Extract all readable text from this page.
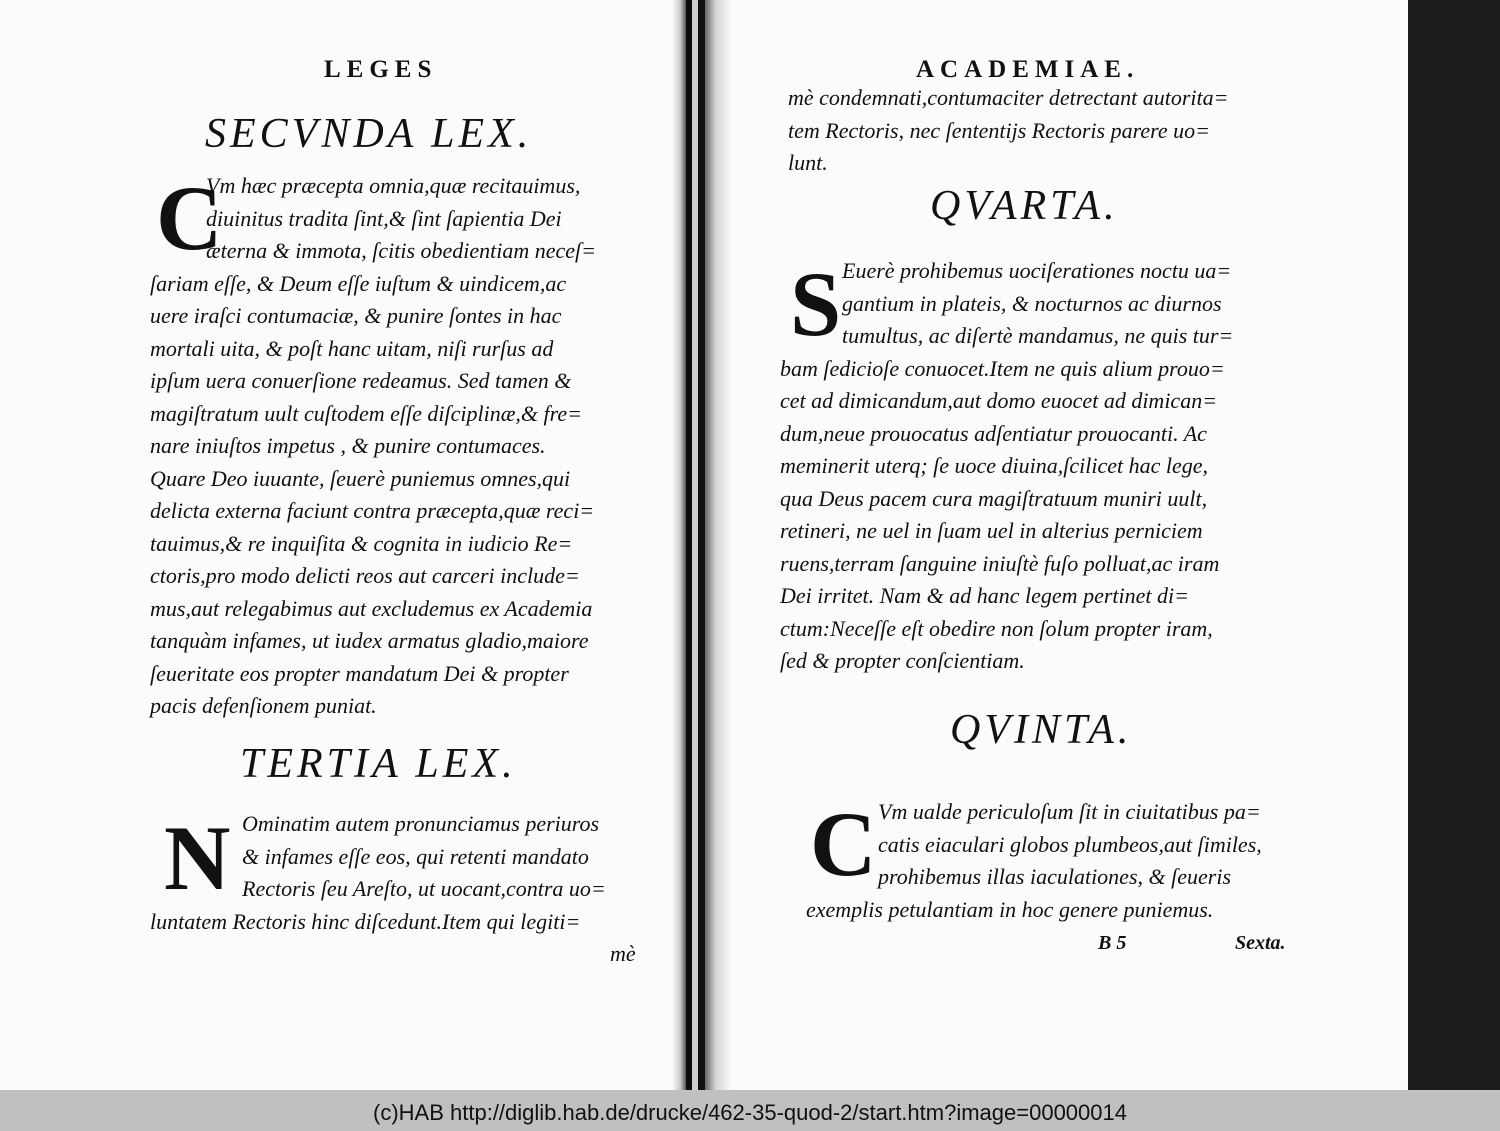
LEGES
SECVNDA LEX.
C

Vm hæc præcepta omnia,quæ recitauimus,

diuinitus tradita ſint,& ſint ſapientia Dei

æterna & immota, ſcitis obedientiam neceſ=

ſariam eſſe, & Deum eſſe iuſtum & uindicem,ac

uere iraſci contumaciæ, & punire ſontes in hac

mortali uita, & poſt hanc uitam, niſi rurſus ad

ipſum uera conuerſione redeamus. Sed tamen &

magiſtratum uult cuſtodem eſſe diſciplinæ,& fre=

nare iniuſtos impetus , & punire contumaces.

Quare Deo iuuante, ſeuerè puniemus omnes,qui

delicta externa faciunt contra præcepta,quæ reci=

tauimus,& re inquiſita & cognita in iudicio Re=

ctoris,pro modo delicti reos aut carceri include=

mus,aut relegabimus aut excludemus ex Academia

tanquàm infames, ut iudex armatus gladio,maiore

ſeueritate eos propter mandatum Dei & propter

pacis defenſionem puniat.

TERTIA LEX.
N Ominatim autem pronunciamus periuros

& infames eſſe eos, qui retenti mandato

Rectoris ſeu Areſto, ut uocant,contra uo=

luntatem Rectoris hinc diſcedunt.Item qui legiti=

mè
ACADEMIAE.

mè condemnati,contumaciter detrectant autorita=

tem Rectoris, nec ſententijs Rectoris parere uo=

lunt.

QVARTA.
S Euerè prohibemus uociſerationes noctu ua=

gantium in plateis, & nocturnos ac diurnos

tumultus, ac diſertè mandamus, ne quis tur=

bam ſedicioſe conuocet.Item ne quis alium prouo=

cet ad dimicandum,aut domo euocet ad dimican=

dum,neue prouocatus adſentiatur prouocanti. Ac

meminerit uterq; ſe uoce diuina,ſcilicet hac lege,

qua Deus pacem cura magiſtratuum muniri uult,

retineri, ne uel in ſuam uel in alterius perniciem

ruens,terram ſanguine iniuſtè fuſo polluat,ac iram

Dei irritet. Nam & ad hanc legem pertinet di=

ctum:Neceſſe eſt obedire non ſolum propter iram,

ſed & propter conſcientiam.

QVINTA.
C Vm ualde periculoſum ſit in ciuitatibus pa=

catis eiaculari globos plumbeos,aut ſimiles,

prohibemus illas iaculationes, & ſeueris

exemplis petulantiam in hoc genere puniemus.

B 5	Sexta.
(c)HAB http://diglib.hab.de/drucke/462-35-quod-2/start.htm?image=00000014
